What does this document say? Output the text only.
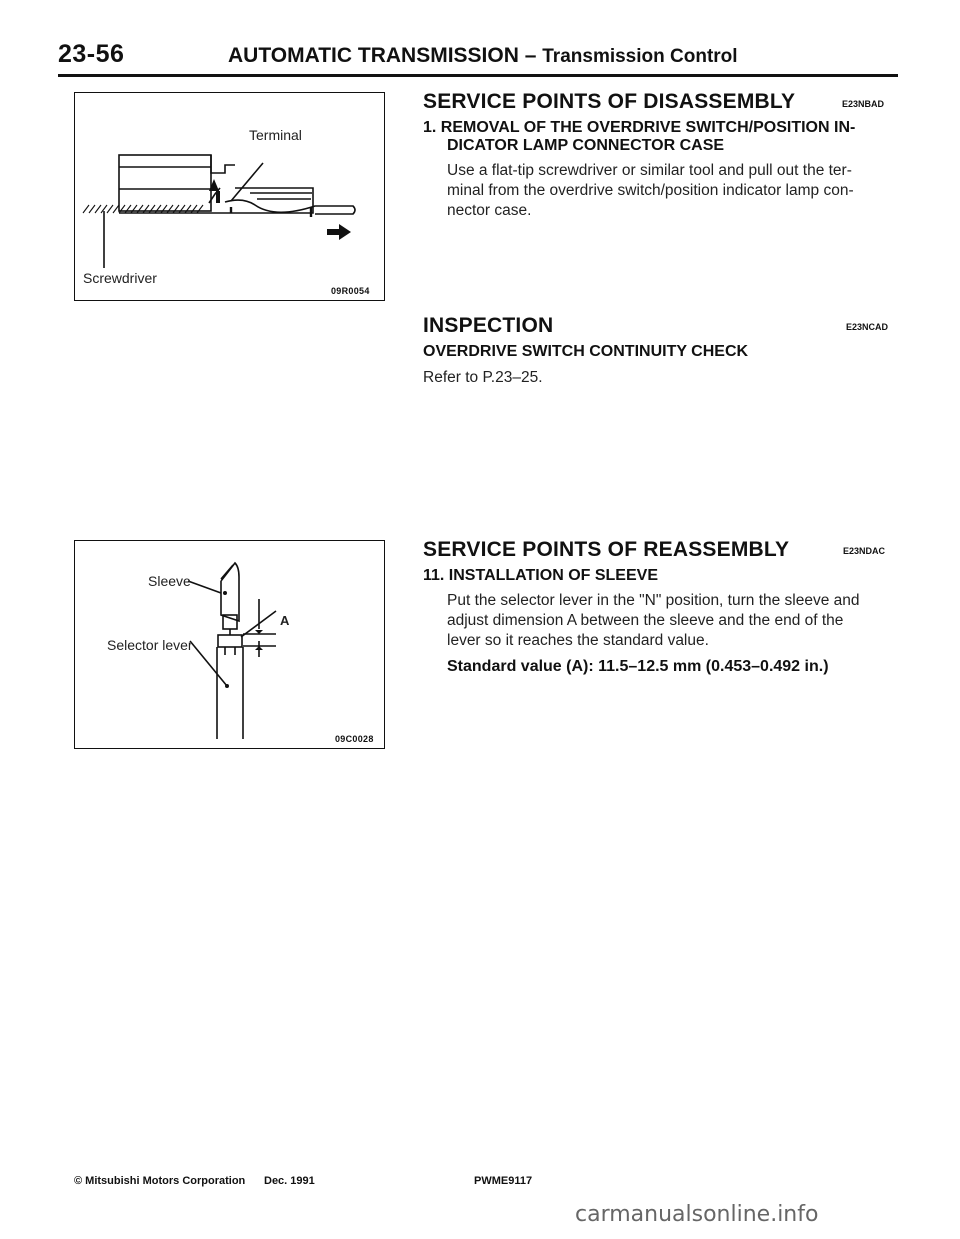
23-56	AUTOMATIC TRANSMISSION – Transmission Control
Terminal
Screwdriver
09R0054
Sleeve
Selector lever
A
09C0028
SERVICE POINTS OF DISASSEMBLY	E23NBAD
1. REMOVAL OF THE OVERDRIVE SWITCH/POSITION IN-
DICATOR LAMP CONNECTOR CASE
Use a flat-tip screwdriver or similar tool and pull out the ter-
minal from the overdrive switch/position indicator lamp con-
nector case.
INSPECTION	E23NCAD
OVERDRIVE SWITCH CONTINUITY CHECK
Refer to P.23–25.
SERVICE POINTS OF REASSEMBLY	E23NDAC
11. INSTALLATION OF SLEEVE
Put the selector lever in the "N" position, turn the sleeve and
adjust dimension A between the sleeve and the end of the
lever so it reaches the standard value.
Standard value (A): 11.5–12.5 mm (0.453–0.492 in.)
© Mitsubishi Motors Corporation Dec. 1991	PWME9117
carmanualsonline.info
